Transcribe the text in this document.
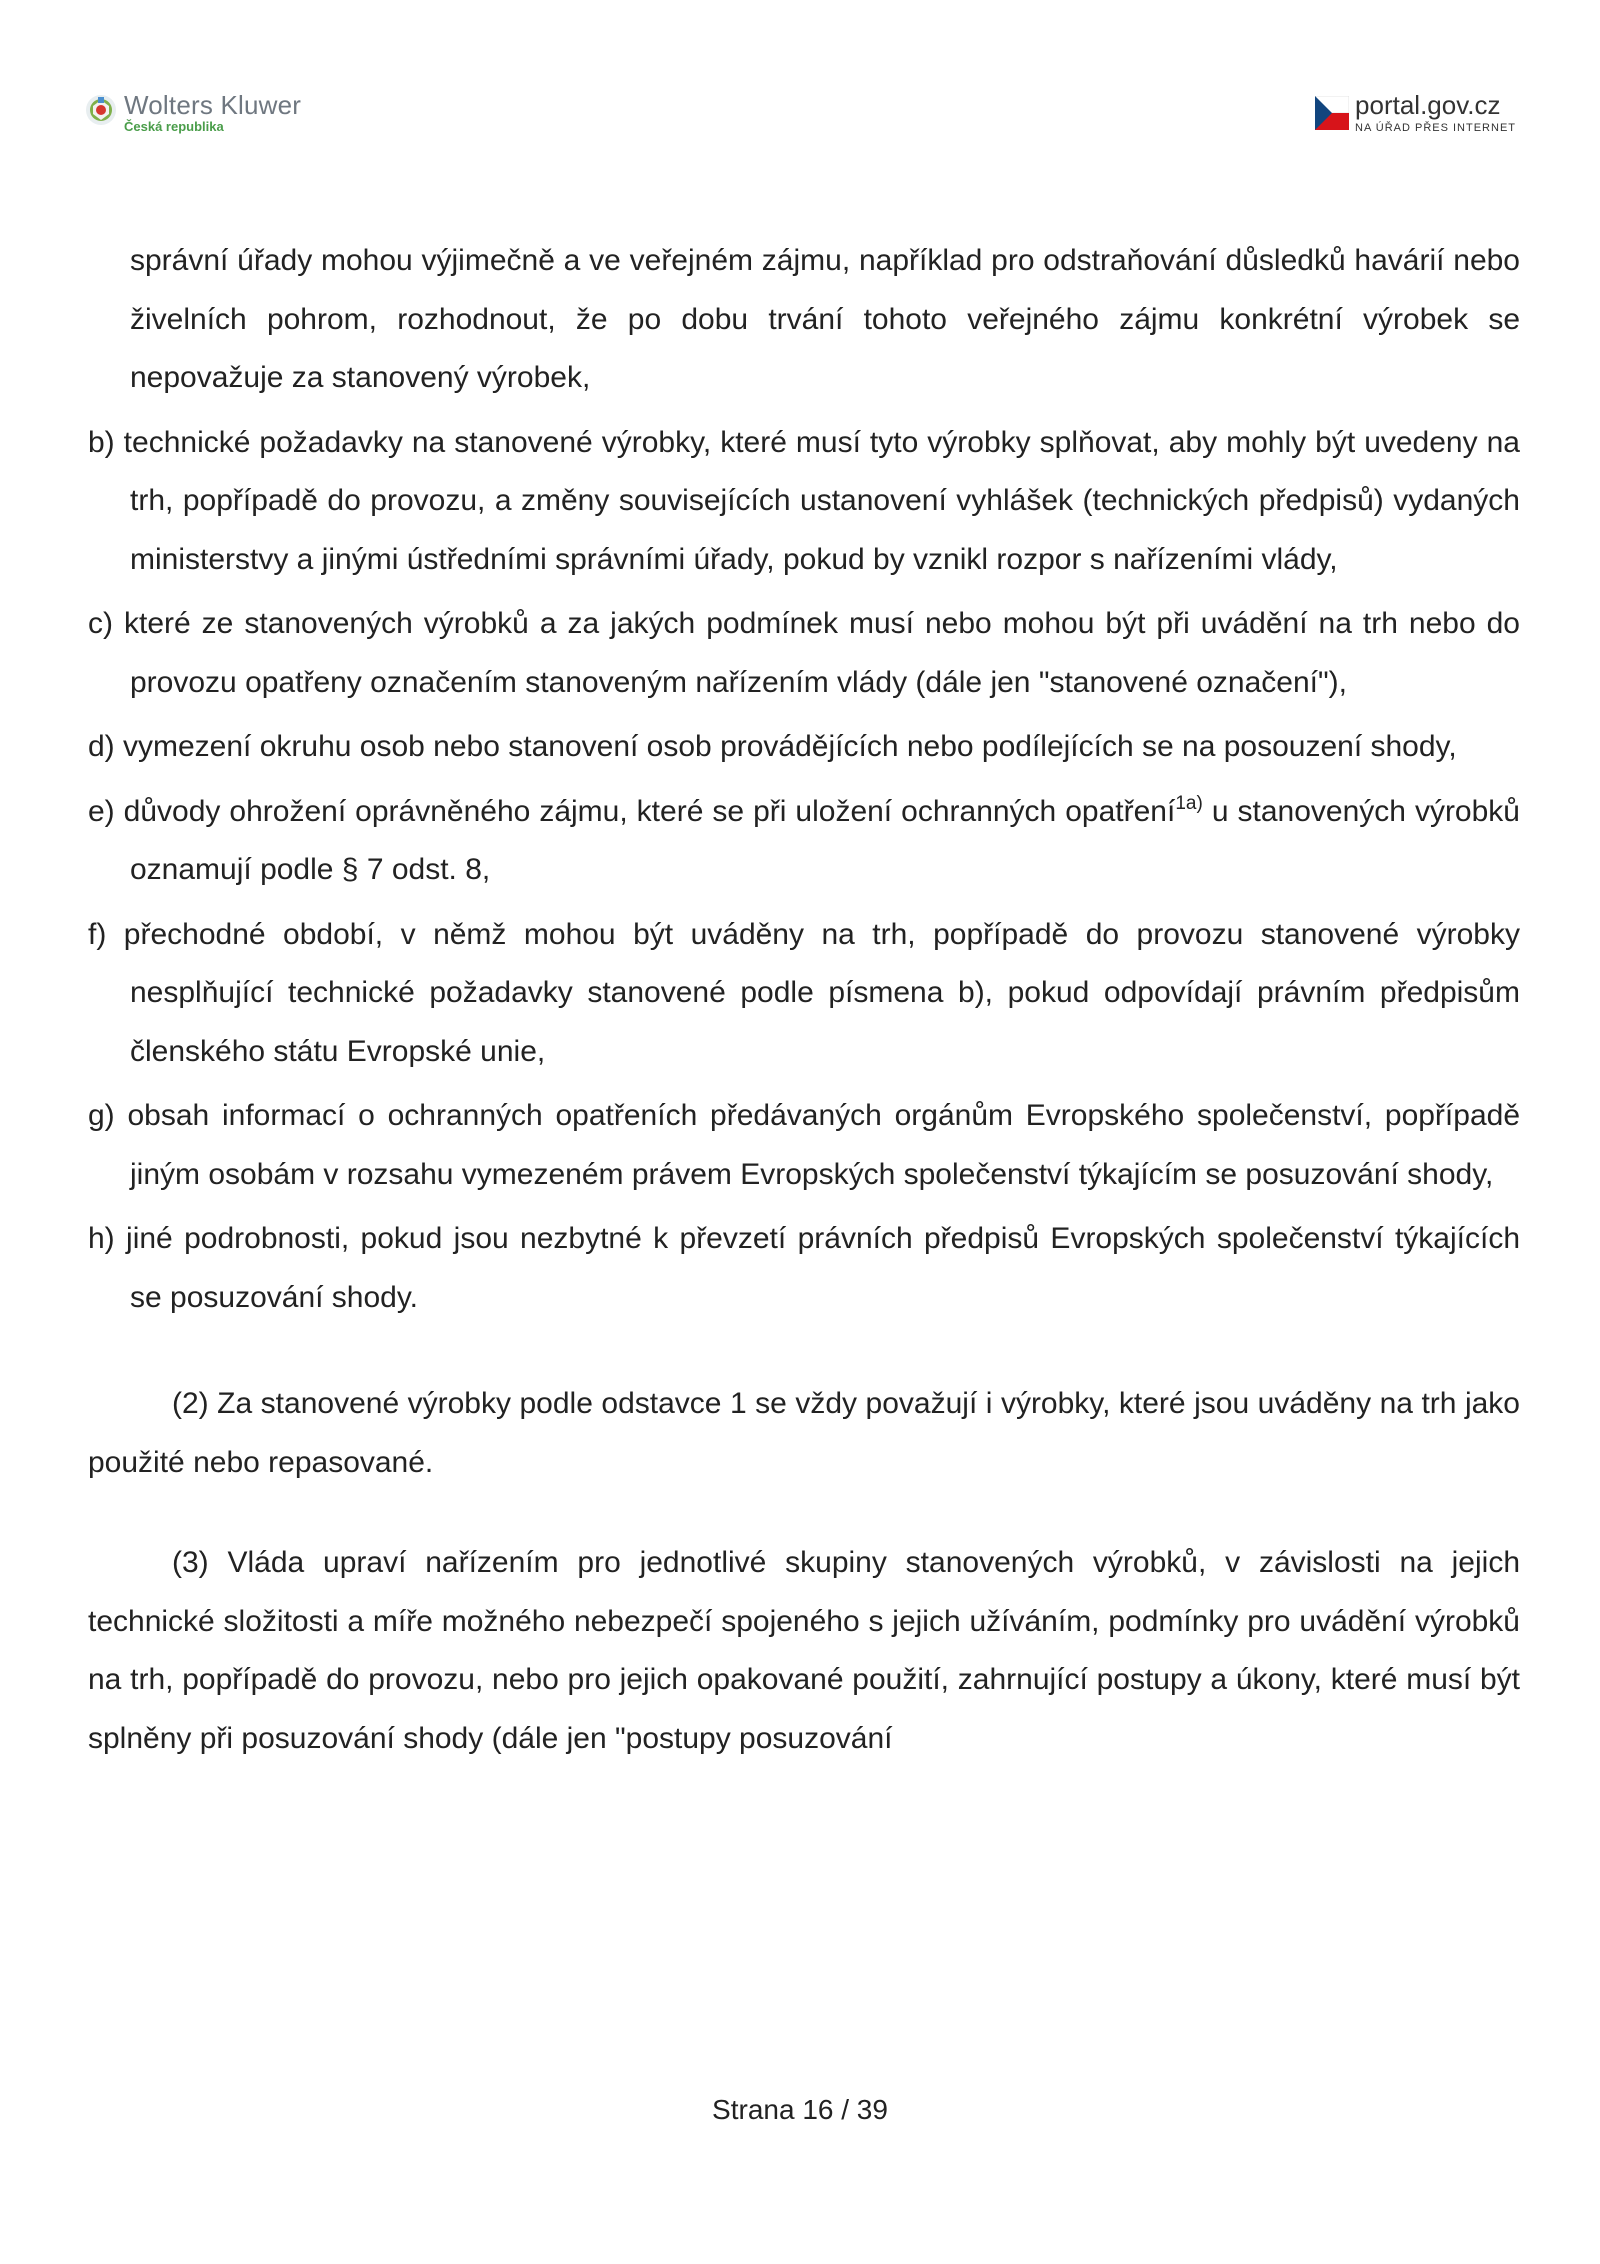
Wolters Kluwer
Česká republika
portal.gov.cz
NA ÚŘAD PŘES INTERNET

správní úřady mohou výjimečně a ve veřejném zájmu, například pro odstraňování důsledků havárií nebo živelních pohrom, rozhodnout, že po dobu trvání tohoto veřejného zájmu konkrétní výrobek se nepovažuje za stanovený výrobek,

b) technické požadavky na stanovené výrobky, které musí tyto výrobky splňovat, aby mohly být uvedeny na trh, popřípadě do provozu, a změny souvisejících ustanovení vyhlášek (technických předpisů) vydaných ministerstvy a jinými ústředními správními úřady, pokud by vznikl rozpor s nařízeními vlády,

c) které ze stanovených výrobků a za jakých podmínek musí nebo mohou být při uvádění na trh nebo do provozu opatřeny označením stanoveným nařízením vlády (dále jen "stanovené označení"),

d) vymezení okruhu osob nebo stanovení osob provádějících nebo podílejících se na posouzení shody,

e) důvody ohrožení oprávněného zájmu, které se při uložení ochranných opatření$^{1a)}$ u stanovených výrobků oznamují podle § 7 odst. 8,

f) přechodné období, v němž mohou být uváděny na trh, popřípadě do provozu stanovené výrobky nesplňující technické požadavky stanovené podle písmena b), pokud odpovídají právním předpisům členského státu Evropské unie,

g) obsah informací o ochranných opatřeních předávaných orgánům Evropského společenství, popřípadě jiným osobám v rozsahu vymezeném právem Evropských společenství týkajícím se posuzování shody,

h) jiné podrobnosti, pokud jsou nezbytné k převzetí právních předpisů Evropských společenství týkajících se posuzování shody.

(2) Za stanovené výrobky podle odstavce 1 se vždy považují i výrobky, které jsou uváděny na trh jako použité nebo repasované.

(3) Vláda upraví nařízením pro jednotlivé skupiny stanovených výrobků, v závislosti na jejich technické složitosti a míře možného nebezpečí spojeného s jejich užíváním, podmínky pro uvádění výrobků na trh, popřípadě do provozu, nebo pro jejich opakované použití, zahrnující postupy a úkony, které musí být splněny při posuzování shody (dále jen "postupy posuzování

Strana 16 / 39
